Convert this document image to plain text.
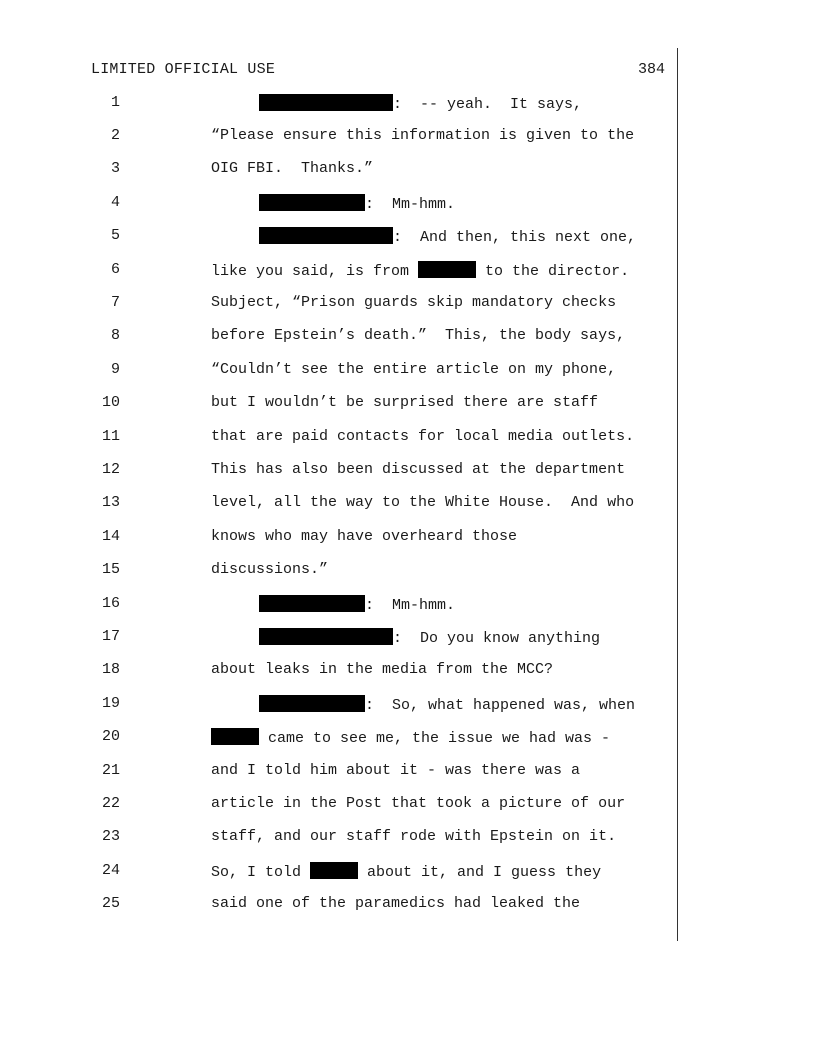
LIMITED OFFICIAL USE	384
1	:  -- yeah.  It says,
2	“Please ensure this information is given to the
3	OIG FBI.  Thanks.”
4	:  Mm-hmm.
5	:  And then, this next one,
6	like you said, is from	to the director.
7	Subject, “Prison guards skip mandatory checks
8	before Epstein’s death.”  This, the body says,
9	“Couldn’t see the entire article on my phone,
10	but I wouldn’t be surprised there are staff
11	that are paid contacts for local media outlets.
12	This has also been discussed at the department
13	level, all the way to the White House.  And who
14	knows who may have overheard those
15	discussions.”
16	:  Mm-hmm.
17	:  Do you know anything
18	about leaks in the media from the MCC?
19	:  So, what happened was, when
20	came to see me, the issue we had was -
21	and I told him about it - was there was a
22	article in the Post that took a picture of our
23	staff, and our staff rode with Epstein on it.
24	So, I told	about it, and I guess they
25	said one of the paramedics had leaked the
